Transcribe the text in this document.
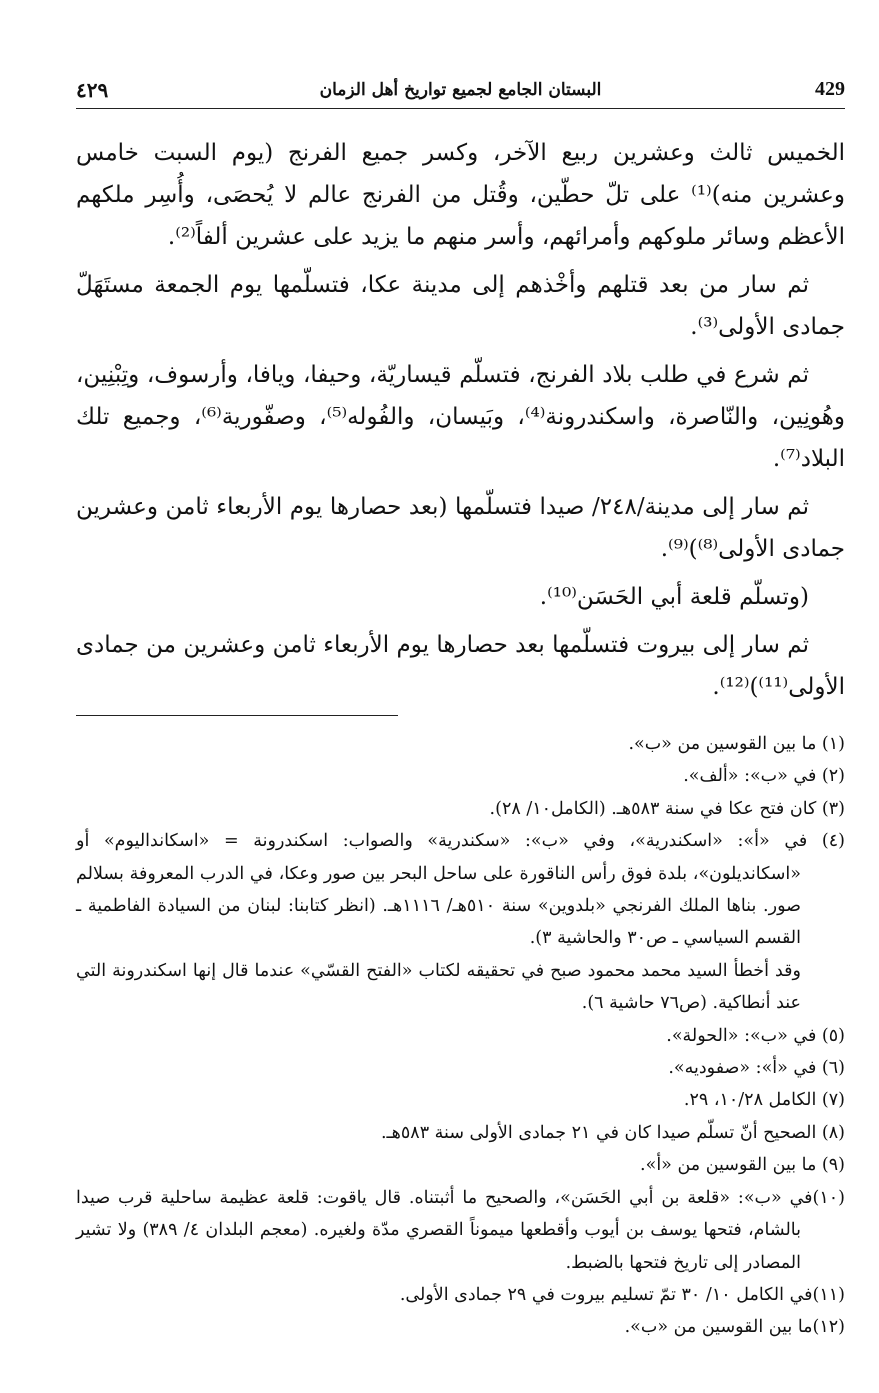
429
البستان الجامع لجميع تواريخ أهل الزمان
٤٢٩

الخميس ثالث وعشرين ربيع الآخر، وكسر جميع الفرنج (يوم السبت خامس وعشرين منه)⁽¹⁾ على تلّ حطّين، وقُتل من الفرنج عالم لا يُحصَى، وأُسِر ملكهم الأعظم وسائر ملوكهم وأمرائهم، وأسر منهم ما يزيد على عشرين ألفاً⁽²⁾.

ثم سار من بعد قتلهم وأخْذهم إلى مدينة عكا، فتسلّمها يوم الجمعة مستَهَلّ جمادى الأولى⁽³⁾.

ثم شرع في طلب بلاد الفرنج، فتسلّم قيساريّة، وحيفا، ويافا، وأرسوف، وتِبْنِين، وهُونِين، والنّاصرة، واسكندرونة⁽⁴⁾، وبَيسان، والفُوله⁽⁵⁾، وصفّورية⁽⁶⁾، وجميع تلك البلاد⁽⁷⁾.

ثم سار إلى مدينة/٢٤٨/ صيدا فتسلّمها (بعد حصارها يوم الأربعاء ثامن وعشرين جمادى الأولى⁽⁸⁾)⁽⁹⁾.

(وتسلّم قلعة أبي الحَسَن⁽¹⁰⁾.

ثم سار إلى بيروت فتسلّمها بعد حصارها يوم الأربعاء ثامن وعشرين من جمادى الأولى⁽¹¹⁾)⁽¹²⁾.

(١) ما بين القوسين من «ب».

(٢) في «ب»: «ألف».

(٣) كان فتح عكا في سنة ٥٨٣هـ. (الكامل١٠/ ٢٨).

(٤) في «أ»: «اسكندرية»، وفي «ب»: «سكندرية» والصواب: اسكندرونة = «اسكانداليوم» أو «اسكانديلون»، بلدة فوق رأس الناقورة على ساحل البحر بين صور وعكا، في الدرب المعروفة بسلالم صور. بناها الملك الفرنجي «بلدوين» سنة ٥١٠هـ/ ١١١٦هـ. (انظر كتابنا: لبنان من السيادة الفاطمية ـ القسم السياسي ـ ص٣٠ والحاشية ٣).

وقد أخطأ السيد محمد محمود صبح في تحقيقه لكتاب «الفتح القسّي» عندما قال إنها اسكندرونة التي عند أنطاكية. (ص٧٦ حاشية ٦).

(٥) في «ب»: «الحولة».

(٦) في «أ»: «صفوديه».

(٧) الكامل ١٠/٢٨، ٢٩.

(٨) الصحيح أنّ تسلّم صيدا كان في ٢١ جمادى الأولى سنة ٥٨٣هـ.

(٩) ما بين القوسين من «أ».

(١٠)في «ب»: «قلعة بن أبي الحَسَن»، والصحيح ما أثبتناه. قال ياقوت: قلعة عظيمة ساحلية قرب صيدا بالشام، فتحها يوسف بن أيوب وأقطعها ميموناً القصري مدّة ولغيره. (معجم البلدان ٤/ ٣٨٩) ولا تشير المصادر إلى تاريخ فتحها بالضبط.

(١١)في الكامل ١٠/ ٣٠ تمّ تسليم بيروت في ٢٩ جمادى الأولى.

(١٢)ما بين القوسين من «ب».
